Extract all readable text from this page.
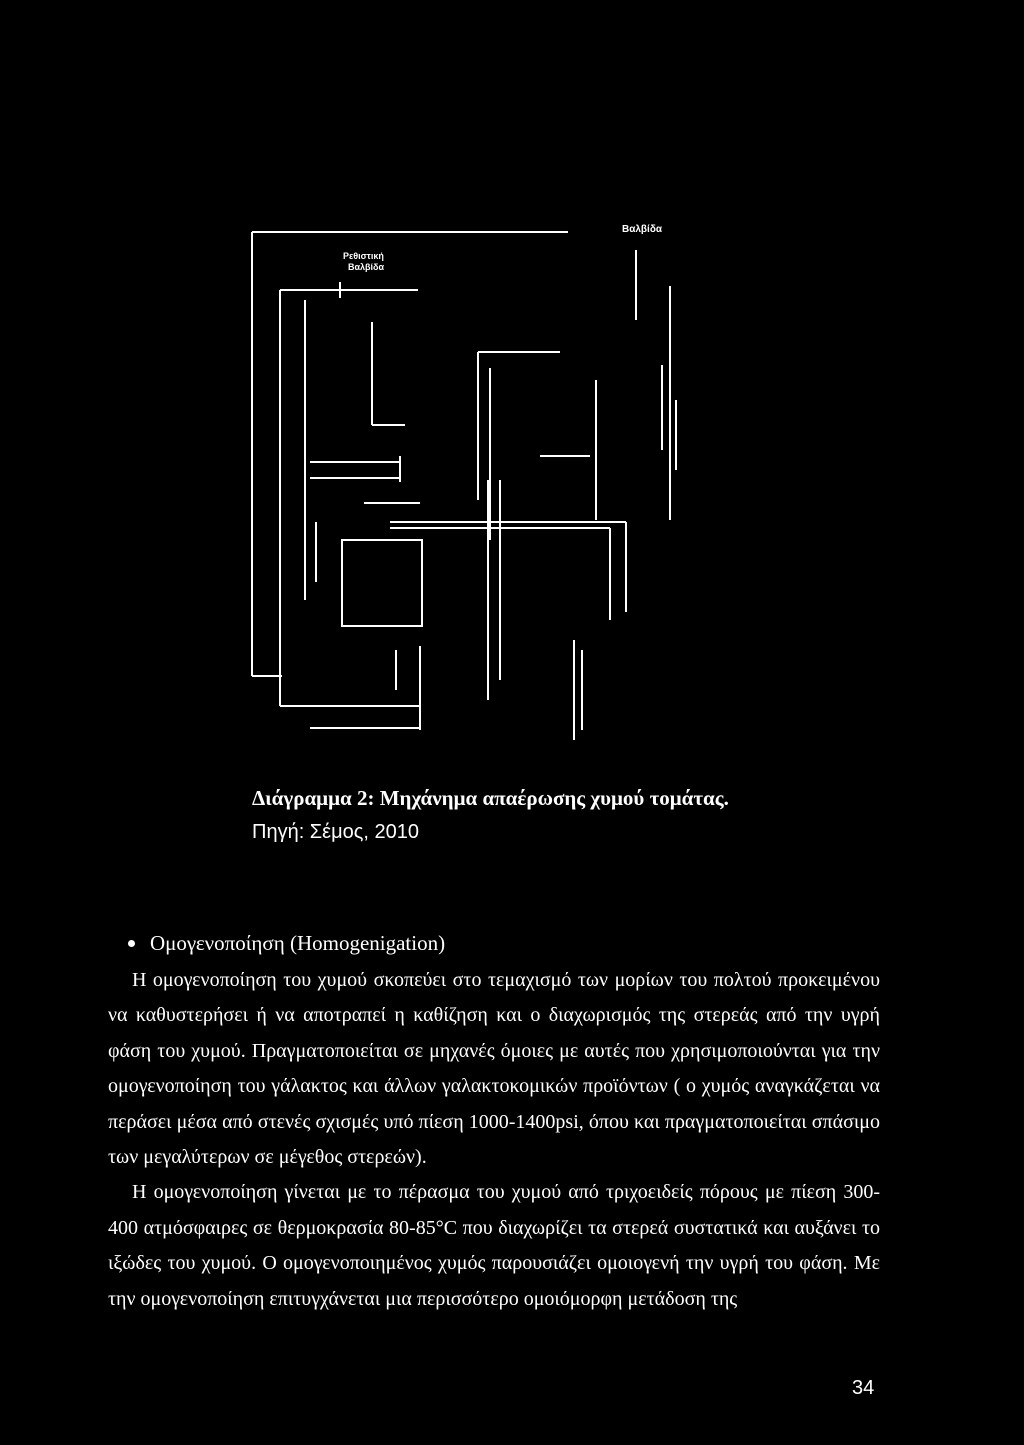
Βαλβίδα
Ρεθιστική
Βαλβίδα
Διάγραμμα 2: Μηχάνημα απαέρωσης χυμού τομάτας.
Πηγή: Σέμος, 2010
Ομογενοποίηση (Homogenigation)

Η ομογενοποίηση του χυμού σκοπεύει στο τεμαχισμό των μορίων του πολτού προκειμένου να καθυστερήσει ή να αποτραπεί η καθίζηση και ο διαχωρισμός της στερεάς από την υγρή φάση του χυμού. Πραγματοποιείται σε μηχανές όμοιες με αυτές που χρησιμοποιούνται για την ομογενοποίηση του γάλακτος και άλλων γαλακτοκομικών προϊόντων ( ο χυμός αναγκάζεται να περάσει μέσα από στενές σχισμές υπό πίεση 1000-1400psi, όπου και πραγματοποιείται σπάσιμο των μεγαλύτερων σε μέγεθος στερεών).

Η ομογενοποίηση γίνεται με το πέρασμα του χυμού από τριχοειδείς πόρους με πίεση 300-400 ατμόσφαιρες σε θερμοκρασία 80-85°C που διαχωρίζει τα στερεά συστατικά και αυξάνει το ιξώδες του χυμού. Ο ομογενοποιημένος χυμός παρουσιάζει ομοιογενή την υγρή του φάση. Με την ομογενοποίηση επιτυγχάνεται μια περισσότερο ομοιόμορφη μετάδοση της

34
